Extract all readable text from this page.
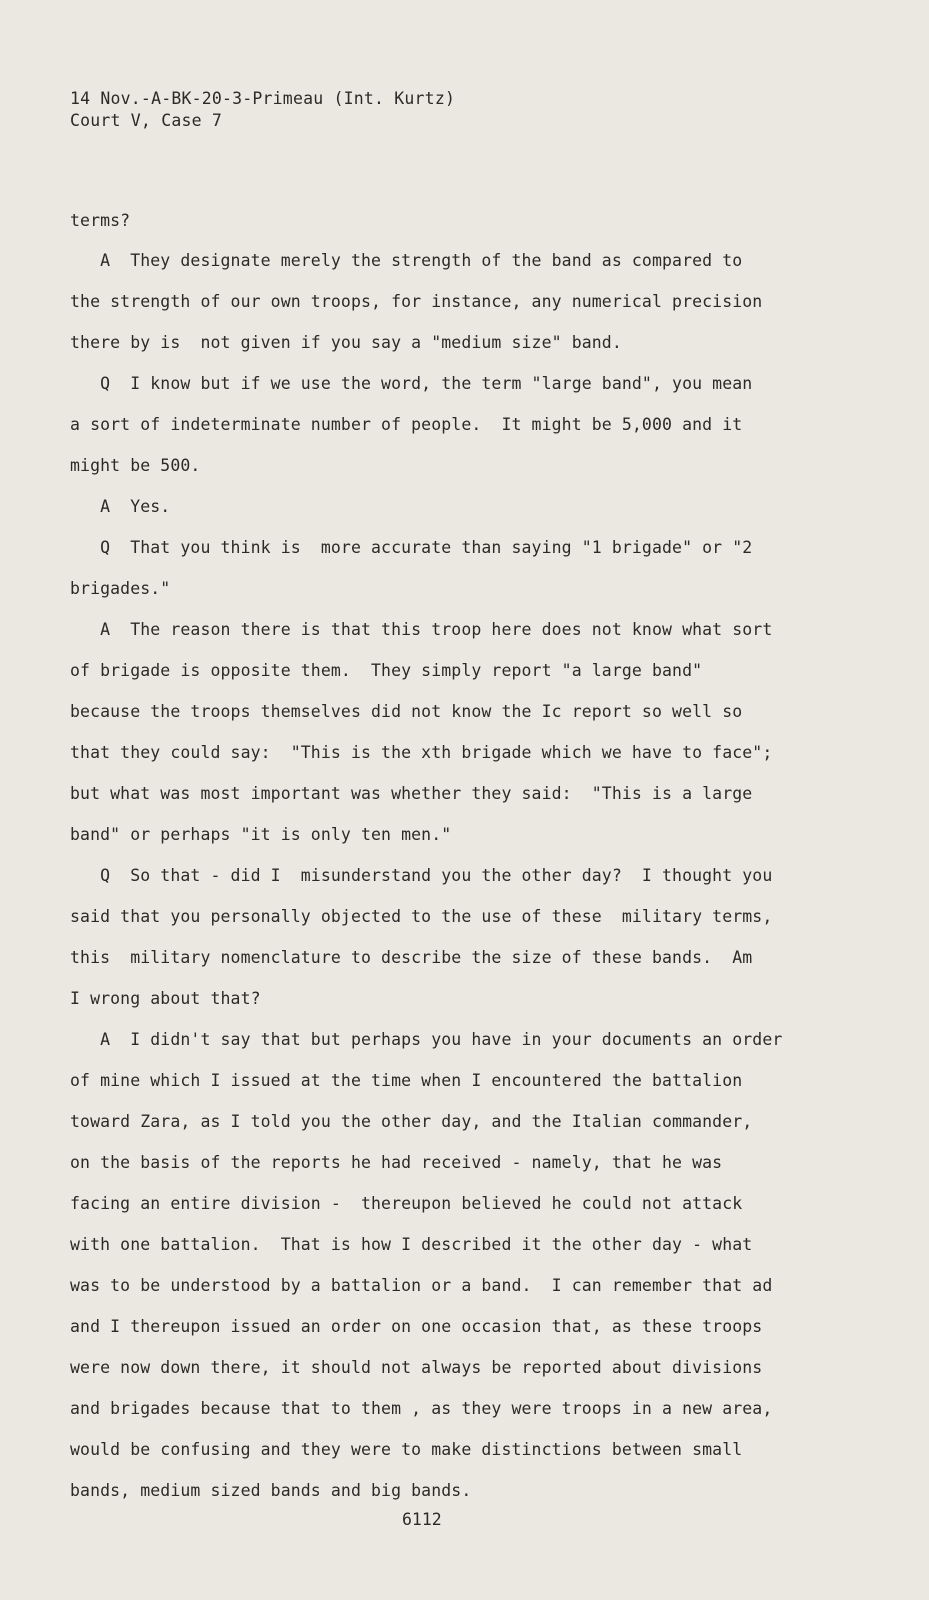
14 Nov.-A-BK-20-3-Primeau (Int. Kurtz)
Court V, Case 7
terms?
A  They designate merely the strength of the band as compared to
the strength of our own troops, for instance, any numerical precision
there by is  not given if you say a "medium size" band.
Q  I know but if we use the word, the term "large band", you mean
a sort of indeterminate number of people.  It might be 5,000 and it
might be 500.
A  Yes.
Q  That you think is  more accurate than saying "1 brigade" or "2
brigades."
A  The reason there is that this troop here does not know what sort
of brigade is opposite them.  They simply report "a large band"
because the troops themselves did not know the Ic report so well so
that they could say:  "This is the xth brigade which we have to face";
but what was most important was whether they said:  "This is a large
band" or perhaps "it is only ten men."
Q  So that - did I  misunderstand you the other day?  I thought you
said that you personally objected to the use of these  military terms,
this  military nomenclature to describe the size of these bands.  Am
I wrong about that?
A  I didn't say that but perhaps you have in your documents an order
of mine which I issued at the time when I encountered the battalion
toward Zara, as I told you the other day, and the Italian commander,
on the basis of the reports he had received - namely, that he was
facing an entire division -  thereupon believed he could not attack
with one battalion.  That is how I described it the other day - what
was to be understood by a battalion or a band.  I can remember that ad
and I thereupon issued an order on one occasion that, as these troops
were now down there, it should not always be reported about divisions
and brigades because that to them , as they were troops in a new area,
would be confusing and they were to make distinctions between small
bands, medium sized bands and big bands.
6112
